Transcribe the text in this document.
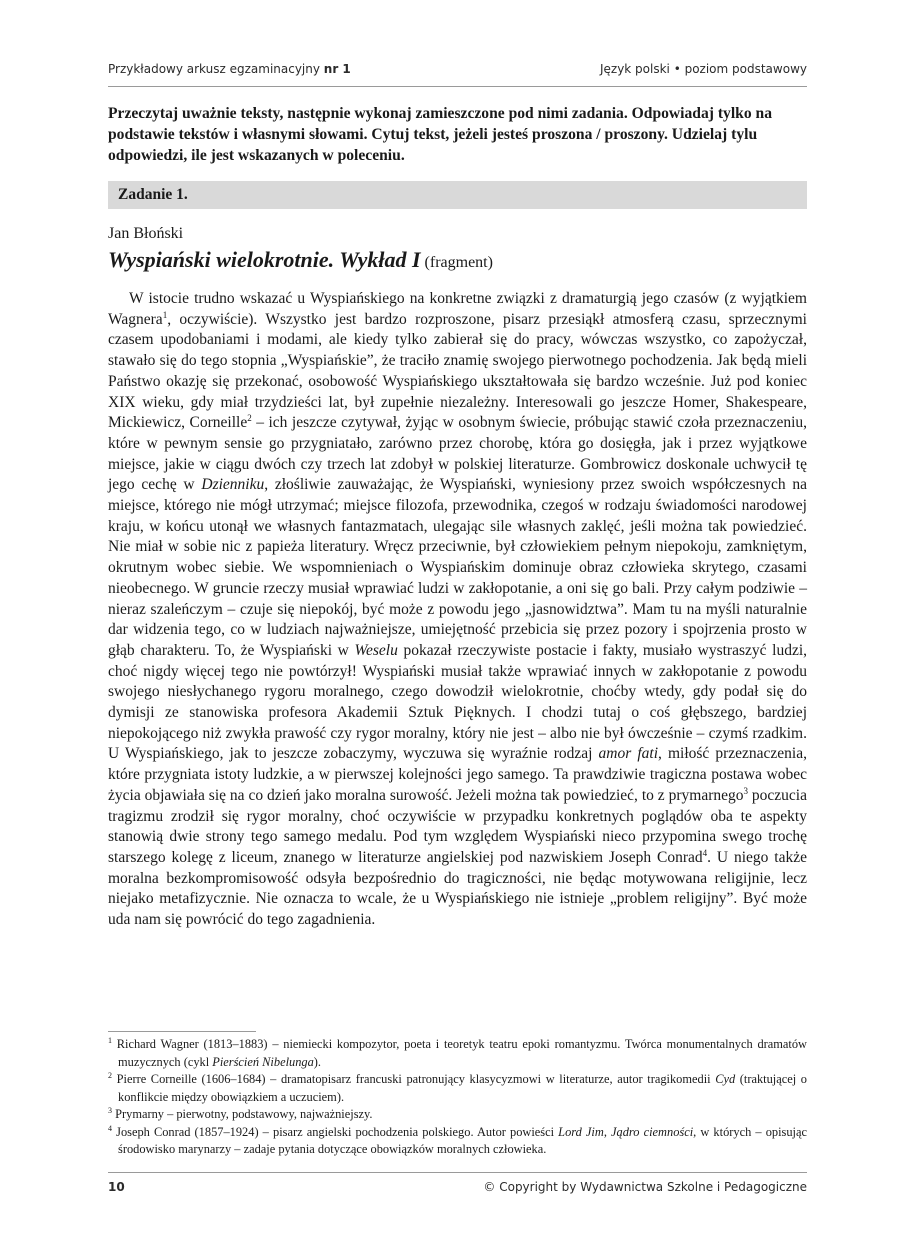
Przykładowy arkusz egzaminacyjny nr 1	Język polski • poziom podstawowy
Przeczytaj uważnie teksty, następnie wykonaj zamieszczone pod nimi zadania. Odpowiadaj tylko na podstawie tekstów i własnymi słowami. Cytuj tekst, jeżeli jesteś proszona / proszony. Udzielaj tylu odpowiedzi, ile jest wskazanych w poleceniu.
Zadanie 1.
Jan Błoński
Wyspiański wielokrotnie. Wykład I (fragment)
W istocie trudno wskazać u Wyspiańskiego na konkretne związki z dramaturgią jego czasów (z wyjątkiem Wagnera$^1$, oczywiście). Wszystko jest bardzo rozproszone, pisarz przesiąkł atmosferą czasu, sprzecznymi czasem upodobaniami i modami, ale kiedy tylko zabierał się do pracy, wówczas wszystko, co zapożyczał, stawało się do tego stopnia „Wyspiańskie”, że traciło znamię swojego pierwotnego pochodzenia. Jak będą mieli Państwo okazję się przekonać, osobowość Wyspiańskiego ukształtowała się bardzo wcześnie. Już pod koniec XIX wieku, gdy miał trzydzieści lat, był zupełnie niezależny. Interesowali go jeszcze Homer, Shakespeare, Mickiewicz, Corneille$^2$ – ich jeszcze czytywał, żyjąc w osobnym świecie, próbując stawić czoła przeznaczeniu, które w pewnym sensie go przygniatało, zarówno przez chorobę, która go dosięgła, jak i przez wyjątkowe miejsce, jakie w ciągu dwóch czy trzech lat zdobył w polskiej literaturze. Gombrowicz doskonale uchwycił tę jego cechę w Dzienniku, złośliwie zauważając, że Wyspiański, wyniesiony przez swoich współczesnych na miejsce, którego nie mógł utrzymać; miejsce filozofa, przewodnika, czegoś w rodzaju świadomości narodowej kraju, w końcu utonął we własnych fantazmatach, ulegając sile własnych zaklęć, jeśli można tak powiedzieć. Nie miał w sobie nic z papieża literatury. Wręcz przeciwnie, był człowiekiem pełnym niepokoju, zamkniętym, okrutnym wobec siebie. We wspomnieniach o Wyspiańskim dominuje obraz człowieka skrytego, czasami nieobecnego. W gruncie rzeczy musiał wprawiać ludzi w zakłopotanie, a oni się go bali. Przy całym podziwie – nieraz szaleńczym – czuje się niepokój, być może z powodu jego „jasnowidztwa”. Mam tu na myśli naturalnie dar widzenia tego, co w ludziach najważniejsze, umiejętność przebicia się przez pozory i spojrzenia prosto w głąb charakteru. To, że Wyspiański w Weselu pokazał rzeczywiste postacie i fakty, musiało wystraszyć ludzi, choć nigdy więcej tego nie powtórzył! Wyspiański musiał także wprawiać innych w zakłopotanie z powodu swojego niesłychanego rygoru moralnego, czego dowodził wielokrotnie, choćby wtedy, gdy podał się do dymisji ze stanowiska profesora Akademii Sztuk Pięknych. I chodzi tutaj o coś głębszego, bardziej niepokojącego niż zwykła prawość czy rygor moralny, który nie jest – albo nie był ówcześnie – czymś rzadkim. U Wyspiańskiego, jak to jeszcze zobaczymy, wyczuwa się wyraźnie rodzaj amor fati, miłość przeznaczenia, które przygniata istoty ludzkie, a w pierwszej kolejności jego samego. Ta prawdziwie tragiczna postawa wobec życia objawiała się na co dzień jako moralna surowość. Jeżeli można tak powiedzieć, to z prymarnego$^3$ poczucia tragizmu zrodził się rygor moralny, choć oczywiście w przypadku konkretnych poglądów oba te aspekty stanowią dwie strony tego samego medalu. Pod tym względem Wyspiański nieco przypomina swego trochę starszego kolegę z liceum, znanego w literaturze angielskiej pod nazwiskiem Joseph Conrad$^4$. U niego także moralna bezkompromisowość odsyła bezpośrednio do tragiczności, nie będąc motywowana religijnie, lecz niejako metafizycznie. Nie oznacza to wcale, że u Wyspiańskiego nie istnieje „problem religijny”. Być może uda nam się powrócić do tego zagadnienia.
$^1$ Richard Wagner (1813–1883) – niemiecki kompozytor, poeta i teoretyk teatru epoki romantyzmu. Twórca monumentalnych dramatów muzycznych (cykl Pierścień Nibelunga).
$^2$ Pierre Corneille (1606–1684) – dramatopisarz francuski patronujący klasycyzmowi w literaturze, autor tragikomedii Cyd (traktującej o konflikcie między obowiązkiem a uczuciem).
$^3$ Prymarny – pierwotny, podstawowy, najważniejszy.
$^4$ Joseph Conrad (1857–1924) – pisarz angielski pochodzenia polskiego. Autor powieści Lord Jim, Jądro ciemności, w których – opisując środowisko marynarzy – zadaje pytania dotyczące obowiązków moralnych człowieka.
10	© Copyright by Wydawnictwa Szkolne i Pedagogiczne
